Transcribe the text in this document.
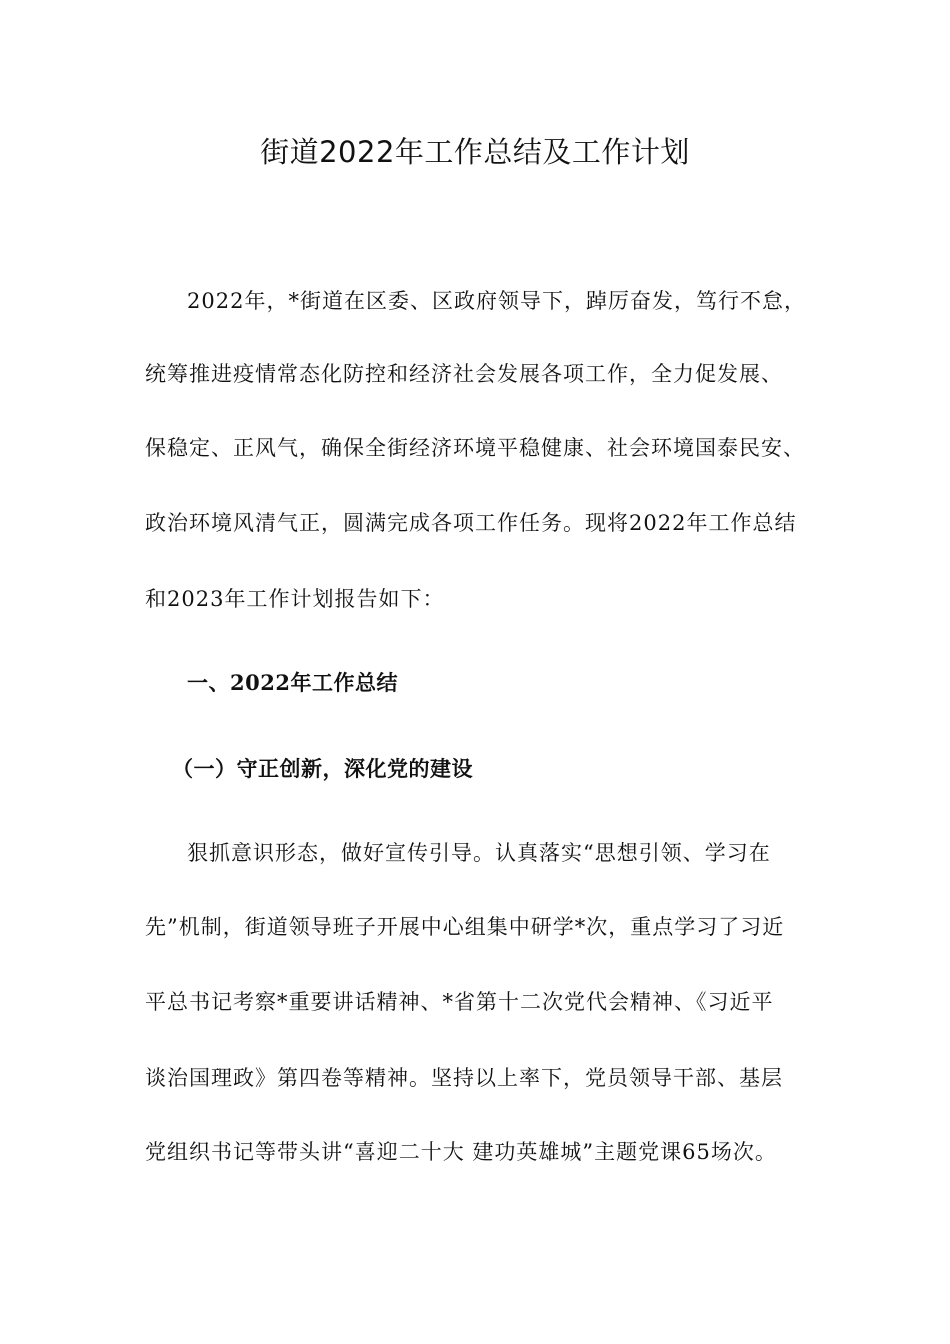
街道2022年工作总结及工作计划
2022年，*街道在区委、区政府领导下，踔厉奋发，笃行不怠，
统筹推进疫情常态化防控和经济社会发展各项工作，全力促发展、
保稳定、正风气，确保全街经济环境平稳健康、社会环境国泰民安、
政治环境风清气正，圆满完成各项工作任务。现将2022年工作总结
和2023年工作计划报告如下：
一、2022年工作总结
（一）守正创新，深化党的建设
狠抓意识形态，做好宣传引导。认真落实“思想引领、学习在
先”机制，街道领导班子开展中心组集中研学*次，重点学习了习近
平总书记考察*重要讲话精神、*省第十二次党代会精神、《习近平
谈治国理政》第四卷等精神。坚持以上率下，党员领导干部、基层
党组织书记等带头讲“喜迎二十大 建功英雄城”主题党课65场次。
